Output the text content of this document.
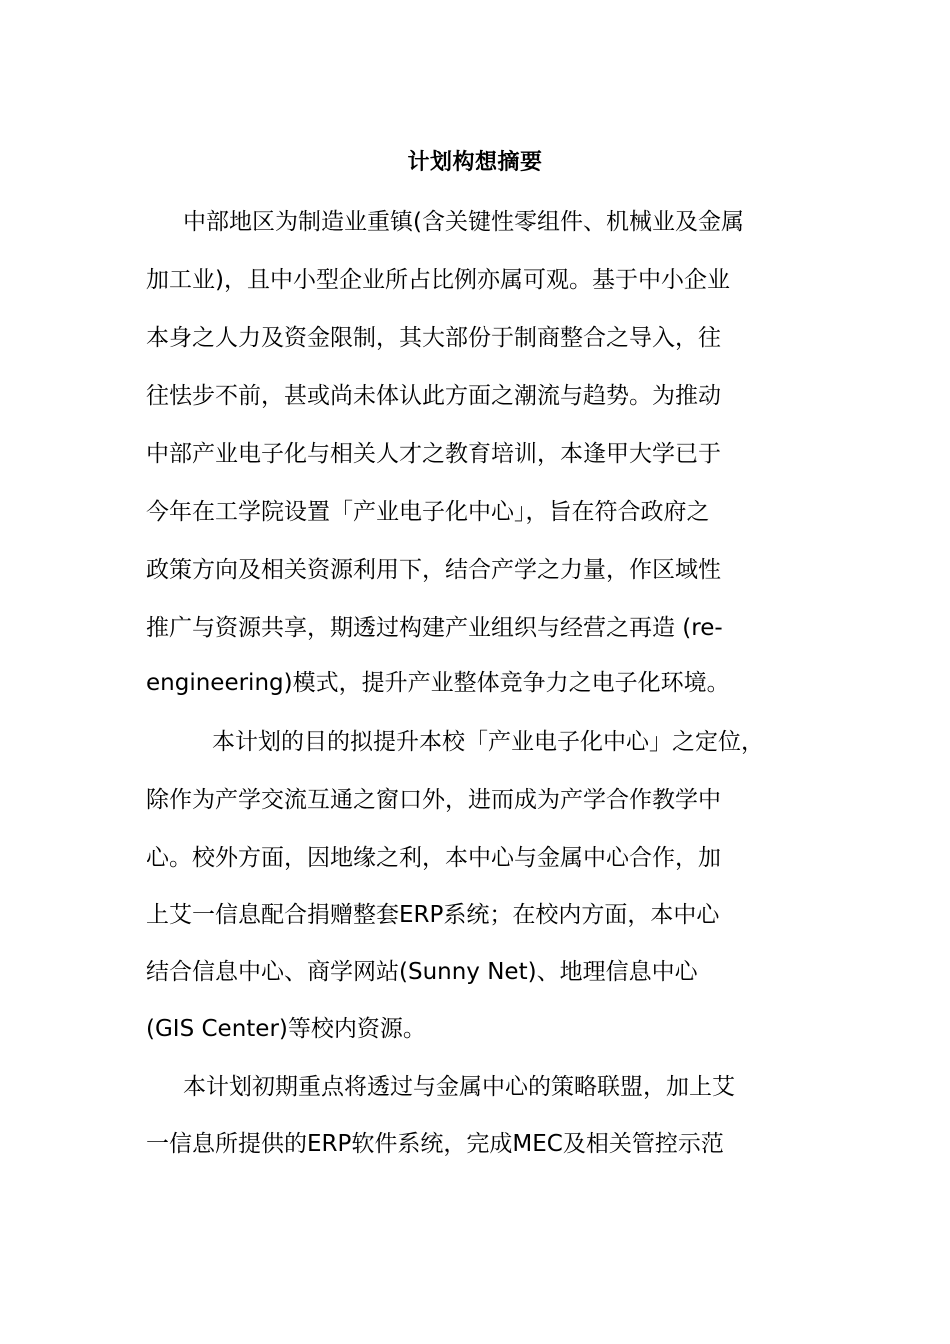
计划构想摘要
中部地区为制造业重镇(含关键性零组件、机械业及金属
加工业)，且中小型企业所占比例亦属可观。基于中小企业
本身之人力及资金限制，其大部份于制商整合之导入，往
往怯步不前，甚或尚未体认此方面之潮流与趋势。为推动
中部产业电子化与相关人才之教育培训，本逢甲大学已于
今年在工学院设置「产业电子化中心」，旨在符合政府之
政策方向及相关资源利用下，结合产学之力量，作区域性
推广与资源共享，期透过构建产业组织与经营之再造 (re-
engineering)模式，提升产业整体竞争力之电子化环境。
本计划的目的拟提升本校「产业电子化中心」之定位，
除作为产学交流互通之窗口外，进而成为产学合作教学中
心。校外方面，因地缘之利，本中心与金属中心合作，加
上艾一信息配合捐赠整套ERP系统；在校内方面，本中心
结合信息中心、商学网站(Sunny Net)、地理信息中心
(GIS Center)等校内资源。
本计划初期重点将透过与金属中心的策略联盟，加上艾
一信息所提供的ERP软件系统，完成MEC及相关管控示范
